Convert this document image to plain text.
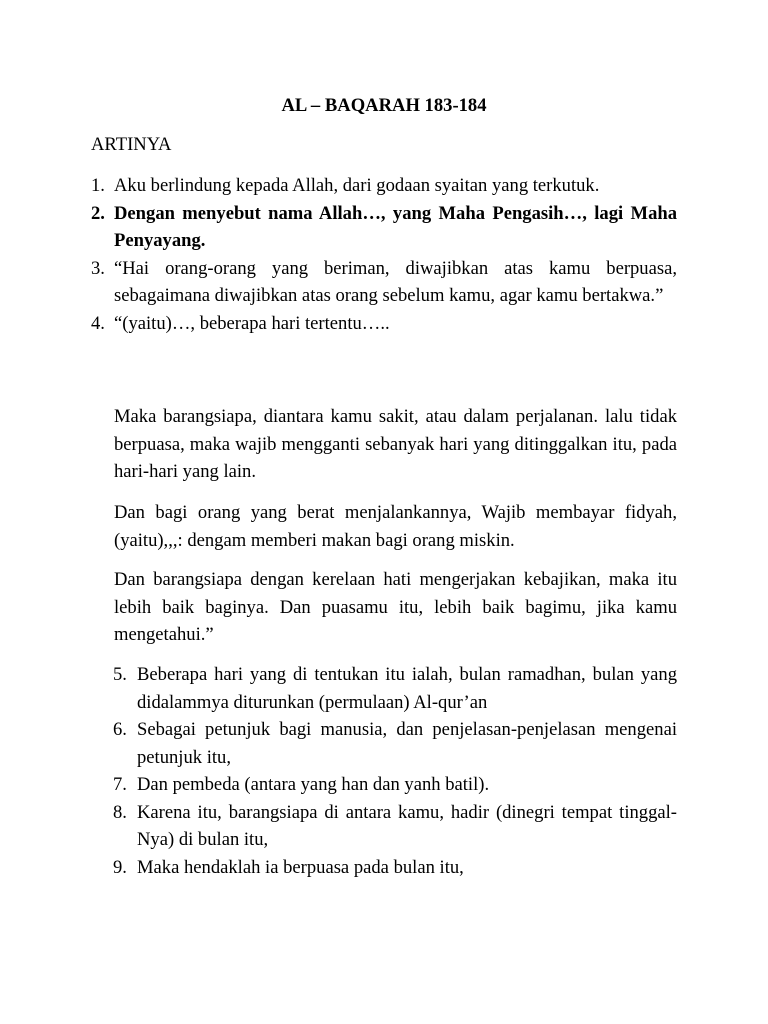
AL – BAQARAH 183-184
ARTINYA
1. Aku berlindung kepada Allah, dari godaan syaitan yang terkutuk.
2. Dengan menyebut nama Allah…, yang Maha Pengasih…, lagi Maha Penyayang.
3. “Hai orang-orang yang beriman, diwajibkan atas kamu berpuasa, sebagaimana diwajibkan atas orang sebelum kamu, agar kamu bertakwa.”
4. “(yaitu)…, beberapa hari tertentu…..
Maka barangsiapa, diantara kamu sakit, atau dalam perjalanan. lalu tidak berpuasa, maka wajib mengganti sebanyak hari yang ditinggalkan itu, pada hari-hari yang lain.
Dan bagi orang yang berat menjalankannya, Wajib membayar fidyah, (yaitu),,,: dengam memberi makan bagi orang miskin.
Dan barangsiapa dengan kerelaan hati mengerjakan kebajikan, maka itu lebih baik baginya. Dan puasamu itu, lebih baik bagimu, jika kamu mengetahui.”
5. Beberapa hari yang di tentukan itu ialah, bulan ramadhan, bulan yang didalammya diturunkan (permulaan) Al-qur’an
6. Sebagai petunjuk bagi manusia, dan penjelasan-penjelasan mengenai petunjuk itu,
7. Dan pembeda (antara yang han dan yanh batil).
8. Karena itu, barangsiapa di antara kamu, hadir (dinegri tempat tinggal-Nya) di bulan itu,
9. Maka hendaklah ia berpuasa pada bulan itu,
